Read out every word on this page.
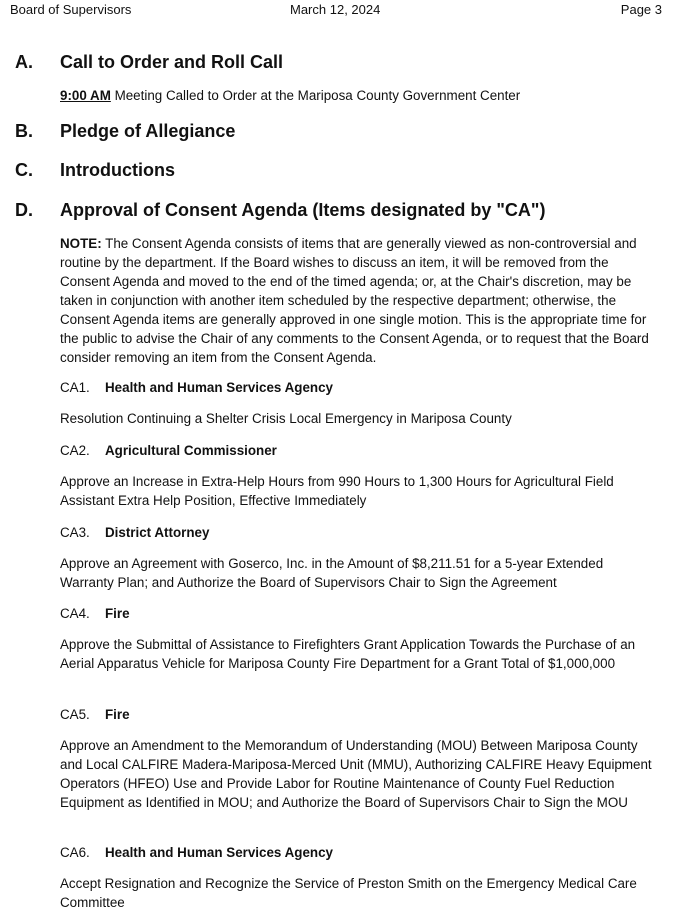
Board of Supervisors	March 12, 2024	Page 3
A. Call to Order and Roll Call
9:00 AM Meeting Called to Order at the Mariposa County Government Center
B. Pledge of Allegiance
C. Introductions
D. Approval of Consent Agenda (Items designated by "CA")
NOTE: The Consent Agenda consists of items that are generally viewed as non-controversial and routine by the department. If the Board wishes to discuss an item, it will be removed from the Consent Agenda and moved to the end of the timed agenda; or, at the Chair's discretion, may be taken in conjunction with another item scheduled by the respective department; otherwise, the Consent Agenda items are generally approved in one single motion. This is the appropriate time for the public to advise the Chair of any comments to the Consent Agenda, or to request that the Board consider removing an item from the Consent Agenda.
CA1. Health and Human Services Agency
Resolution Continuing a Shelter Crisis Local Emergency in Mariposa County
CA2. Agricultural Commissioner
Approve an Increase in Extra-Help Hours from 990 Hours to 1,300 Hours for Agricultural Field Assistant Extra Help Position, Effective Immediately
CA3. District Attorney
Approve an Agreement with Goserco, Inc. in the Amount of $8,211.51 for a 5-year Extended Warranty Plan; and Authorize the Board of Supervisors Chair to Sign the Agreement
CA4. Fire
Approve the Submittal of Assistance to Firefighters Grant Application Towards the Purchase of an Aerial Apparatus Vehicle for Mariposa County Fire Department for a Grant Total of $1,000,000
CA5. Fire
Approve an Amendment to the Memorandum of Understanding (MOU) Between Mariposa County and Local CALFIRE Madera-Mariposa-Merced Unit (MMU), Authorizing CALFIRE Heavy Equipment Operators (HFEO) Use and Provide Labor for Routine Maintenance of County Fuel Reduction Equipment as Identified in MOU; and Authorize the Board of Supervisors Chair to Sign the MOU
CA6. Health and Human Services Agency
Accept Resignation and Recognize the Service of Preston Smith on the Emergency Medical Care Committee
